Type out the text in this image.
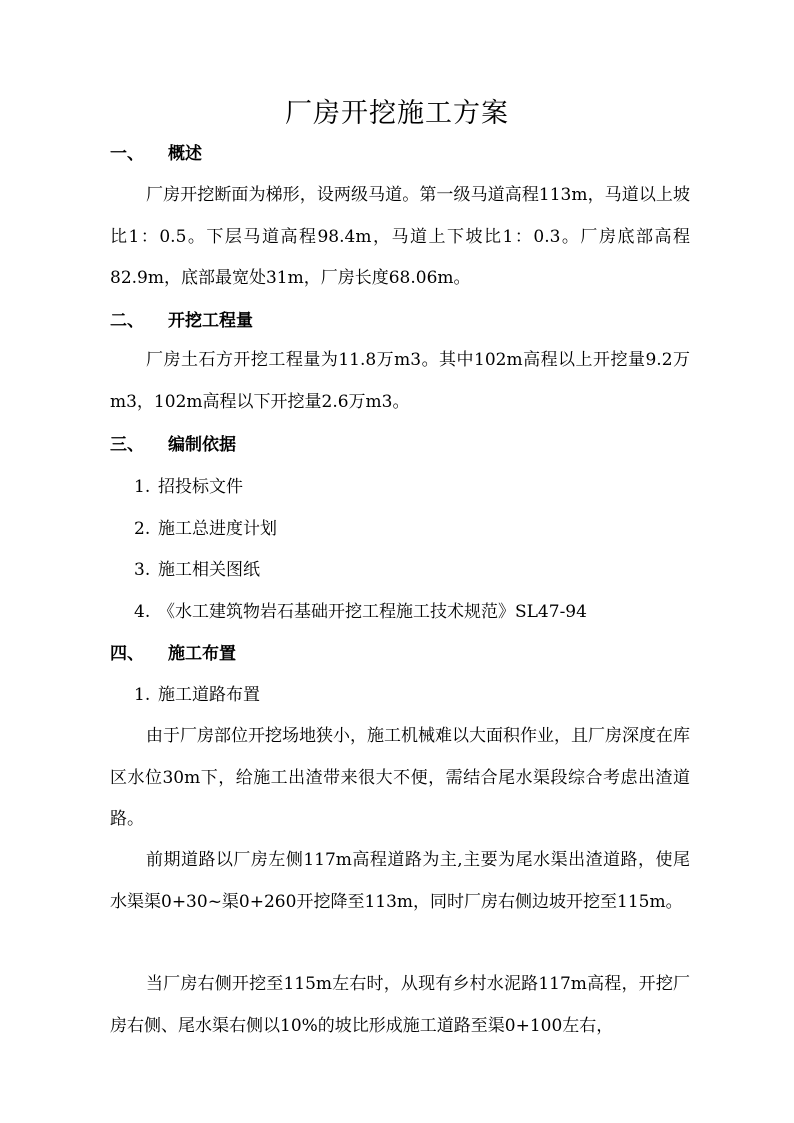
厂房开挖施工方案
一、 概述

厂房开挖断面为梯形，设两级马道。第一级马道高程113m，马道以上坡比1：0.5。下层马道高程98.4m，马道上下坡比1：0.3。厂房底部高程82.9m，底部最宽处31m，厂房长度68.06m。

二、 开挖工程量

厂房土石方开挖工程量为11.8万m3。其中102m高程以上开挖量9.2万m3，102m高程以下开挖量2.6万m3。

三、 编制依据
1. 招投标文件
2. 施工总进度计划
3. 施工相关图纸
4. 《水工建筑物岩石基础开挖工程施工技术规范》SL47-94
四、 施工布置
1. 施工道路布置

由于厂房部位开挖场地狭小，施工机械难以大面积作业，且厂房深度在库区水位30m下，给施工出渣带来很大不便，需结合尾水渠段综合考虑出渣道路。

前期道路以厂房左侧117m高程道路为主,主要为尾水渠出渣道路，使尾水渠渠0+30~渠0+260开挖降至113m，同时厂房右侧边坡开挖至115m。

当厂房右侧开挖至115m左右时，从现有乡村水泥路117m高程，开挖厂房右侧、尾水渠右侧以10%的坡比形成施工道路至渠0+100左右，
